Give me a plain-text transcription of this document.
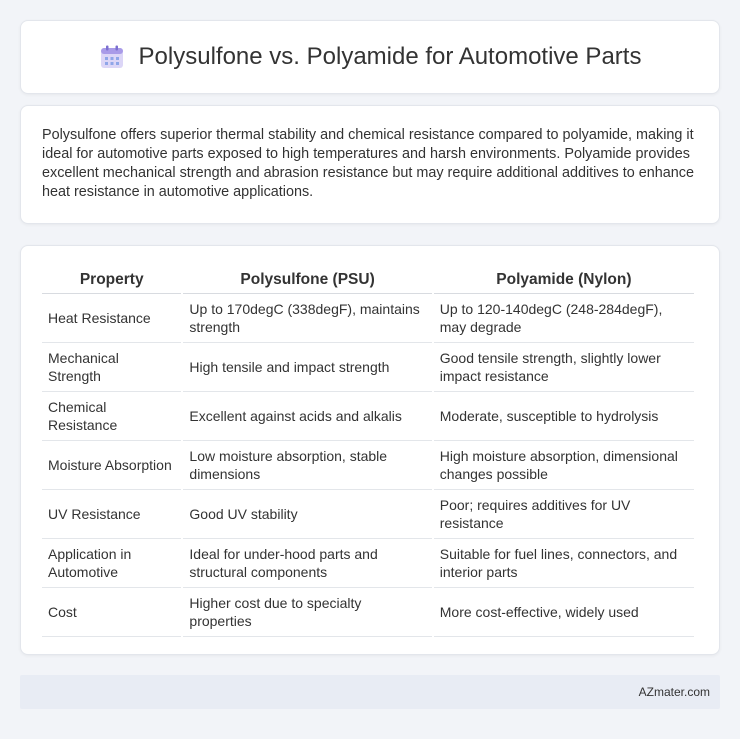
Polysulfone vs. Polyamide for Automotive Parts

Polysulfone offers superior thermal stability and chemical resistance compared to polyamide, making it ideal for automotive parts exposed to high temperatures and harsh environments. Polyamide provides excellent mechanical strength and abrasion resistance but may require additional additives to enhance heat resistance in automotive applications.

Property	Polysulfone (PSU)	Polyamide (Nylon)
Heat Resistance	Up to 170degC (338degF), maintains strength	Up to 120-140degC (248-284degF), may degrade
Mechanical Strength	High tensile and impact strength	Good tensile strength, slightly lower impact resistance
Chemical Resistance	Excellent against acids and alkalis	Moderate, susceptible to hydrolysis
Moisture Absorption	Low moisture absorption, stable dimensions	High moisture absorption, dimensional changes possible
UV Resistance	Good UV stability	Poor; requires additives for UV resistance
Application in Automotive	Ideal for under-hood parts and structural components	Suitable for fuel lines, connectors, and interior parts
Cost	Higher cost due to specialty properties	More cost-effective, widely used
AZmater.com
